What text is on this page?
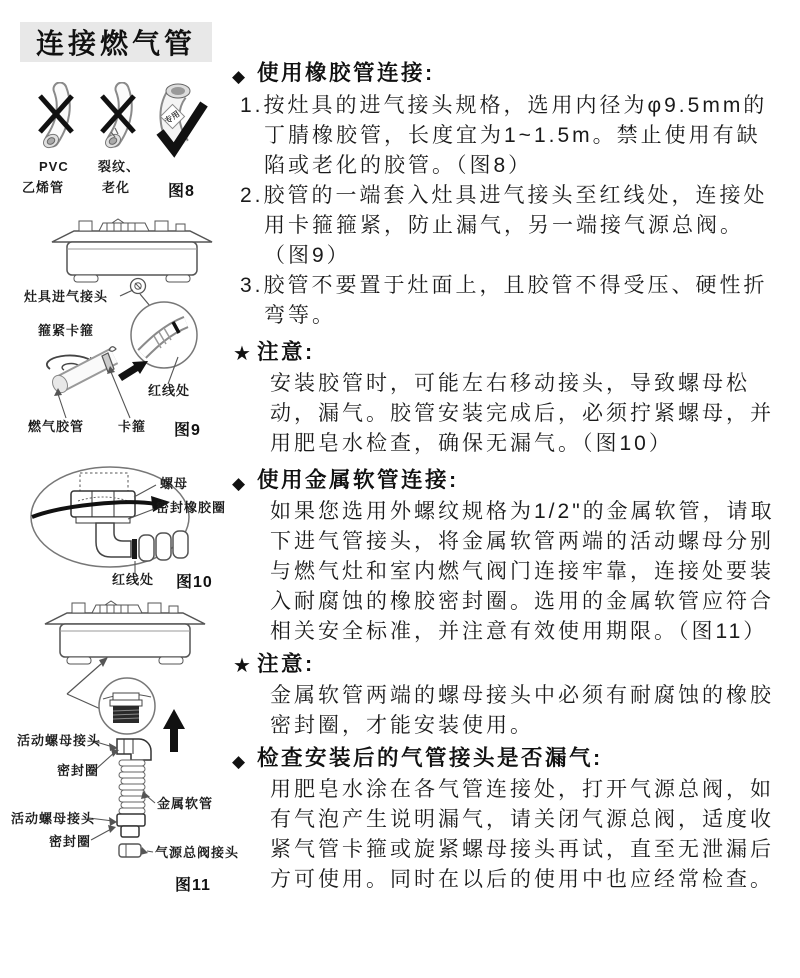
连接燃气管
专用
PVC
乙烯管
裂纹、
老化 图8
灶具进气接头
箍紧卡箍
红线处
燃气胶管	卡箍 图9
螺母
密封橡胶圈
红线处 图10
活动螺母接头
密封圈
金属软管
活动螺母接头
密封圈
气源总阀接头
图11
◆ 使用橡胶管连接:
1.按灶具的进气接头规格，选用内径为φ9.5mm的丁腈橡胶管，长度宜为1~1.5m。禁止使用有缺陷或老化的胶管。（图8）
2.胶管的一端套入灶具进气接头至红线处，连接处用卡箍箍紧，防止漏气，另一端接气源总阀。（图9）
3.胶管不要置于灶面上，且胶管不得受压、硬性折弯等。
★ 注意:
安装胶管时，可能左右移动接头，导致螺母松动，漏气。胶管安装完成后，必须拧紧螺母，并用肥皂水检查，确保无漏气。（图10）
◆ 使用金属软管连接:
如果您选用外螺纹规格为1/2"的金属软管，请取下进气管接头，将金属软管两端的活动螺母分别与燃气灶和室内燃气阀门连接牢靠，连接处要装入耐腐蚀的橡胶密封圈。选用的金属软管应符合相关安全标准，并注意有效使用期限。（图11）
★ 注意:
金属软管两端的螺母接头中必须有耐腐蚀的橡胶密封圈，才能安装使用。
◆ 检查安装后的气管接头是否漏气:
用肥皂水涂在各气管连接处，打开气源总阀，如有气泡产生说明漏气，请关闭气源总阀，适度收紧气管卡箍或旋紧螺母接头再试，直至无泄漏后方可使用。同时在以后的使用中也应经常检查。
